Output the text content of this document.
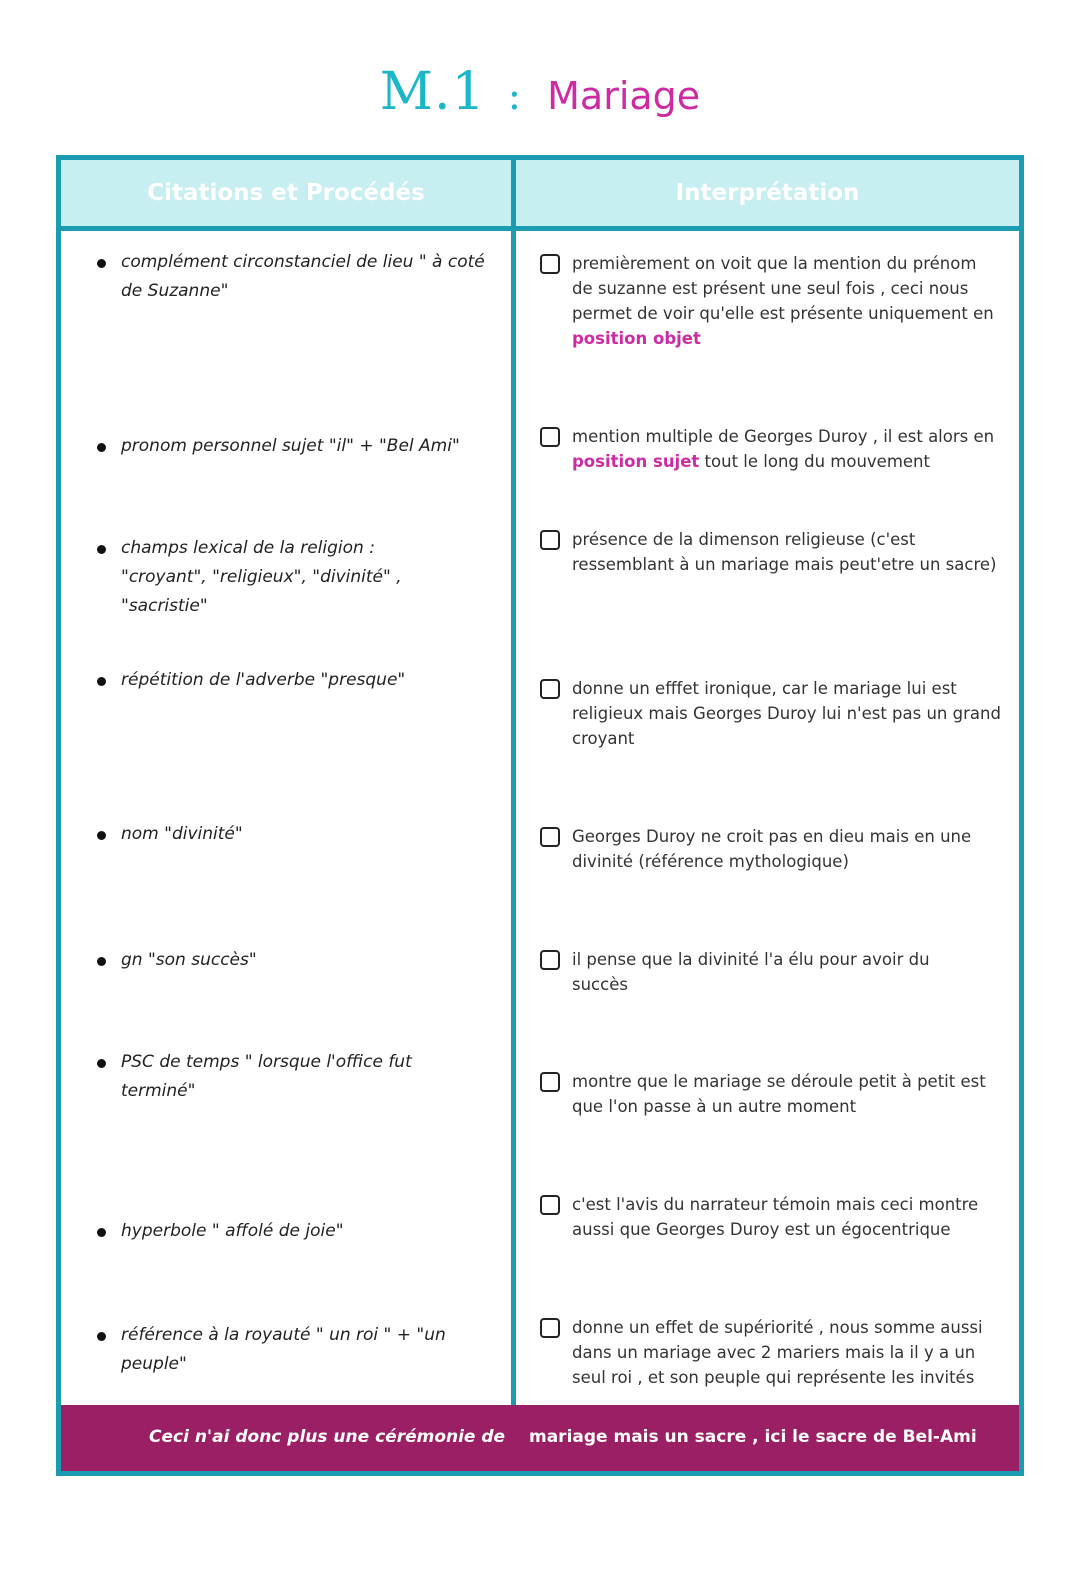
M.1 : Mariage
Citations et Procédés	Interprétation
complément circonstanciel de lieu " à coté de Suzanne"
pronom personnel sujet "il" + "Bel Ami"
champs lexical de la religion : "croyant", "religieux", "divinité" , "sacristie"
répétition de l'adverbe "presque"
nom "divinité"
gn "son succès"
PSC de temps " lorsque l'office fut terminé"
hyperbole " affolé de joie"
référence à la royauté " un roi " + "un peuple"
premièrement on voit que la mention du prénom de suzanne est présent une seul fois , ceci nous permet de voir qu'elle est présente uniquement en position objet
mention multiple de Georges Duroy , il est alors en position sujet tout le long du mouvement
présence de la dimenson religieuse (c'est ressemblant à un mariage mais peut'etre un sacre)
donne un efffet ironique, car le mariage lui est religieux mais Georges Duroy lui n'est pas un grand croyant
Georges Duroy ne croit pas en dieu mais en une divinité (référence mythologique)
il pense que la divinité l'a élu pour avoir du succès
montre que le mariage se déroule petit à petit est que l'on passe à un autre moment
c'est l'avis du narrateur témoin mais ceci montre aussi que Georges Duroy est un égocentrique
donne un effet de supériorité , nous somme aussi dans un mariage avec 2 mariers mais la il y a un seul roi , et son peuple qui représente les invités
Ceci n'ai donc plus une cérémonie de mariage mais un sacre , ici le sacre de Bel-Ami
